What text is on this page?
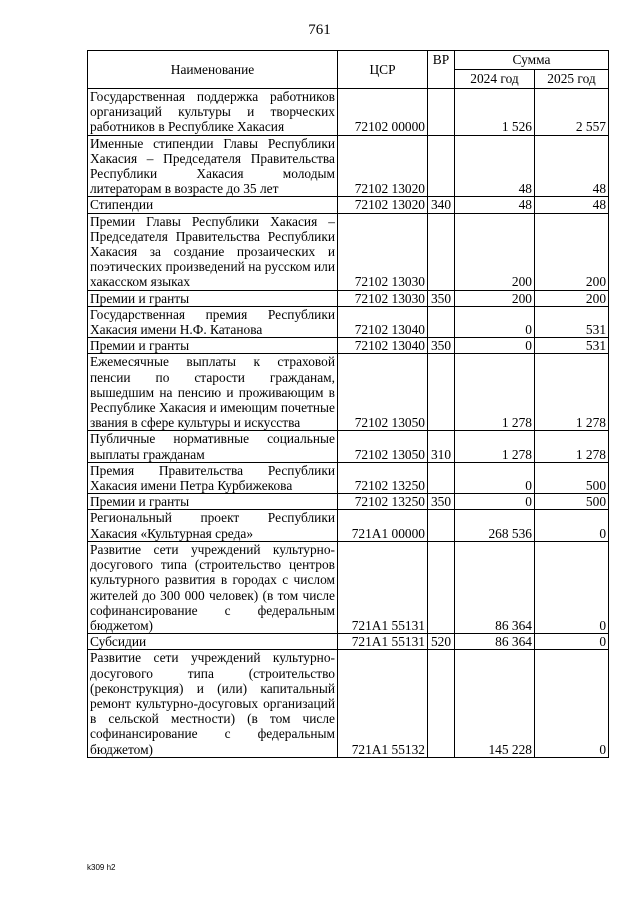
761
Наименование	ЦСР	ВР	Сумма	
			2024 год	2025 год
Государственная поддержка работников организаций культуры и творческих работников в Республике Хакасия	72102 00000		1 526	2 557
Именные стипендии Главы Республики Хакасия – Председателя Правительства Республики Хакасия молодым литераторам в возрасте до 35 лет	72102 13020		48	48
Стипендии	72102 13020	340	48	48
Премии Главы Республики Хакасия – Председателя Правительства Республики Хакасия за создание прозаических и поэтических произведений на русском или хакасском языках	72102 13030		200	200
Премии и гранты	72102 13030	350	200	200
Государственная премия Республики Хакасия имени Н.Ф. Катанова	72102 13040		0	531
Премии и гранты	72102 13040	350	0	531
Ежемесячные выплаты к страховой пенсии по старости гражданам, вышедшим на пенсию и проживающим в Республике Хакасия и имеющим почетные звания в сфере культуры и искусства	72102 13050		1 278	1 278
Публичные нормативные социальные выплаты гражданам	72102 13050	310	1 278	1 278
Премия Правительства Республики Хакасия имени Петра Курбижекова	72102 13250		0	500
Премии и гранты	72102 13250	350	0	500
Региональный проект Республики Хакасия «Культурная среда»	721A1 00000		268 536	0
Развитие сети учреждений культурно-досугового типа (строительство центров культурного развития в городах с числом жителей до 300 000 человек) (в том числе софинансирование с федеральным бюджетом)	721A1 55131		86 364	0
Субсидии	721A1 55131	520	86 364	0
Развитие сети учреждений культурно-досугового типа (строительство (реконструкция) и (или) капитальный ремонт культурно-досуговых организаций в сельской местности) (в том числе софинансирование с федеральным бюджетом)	721A1 55132		145 228	0
k309 h2
